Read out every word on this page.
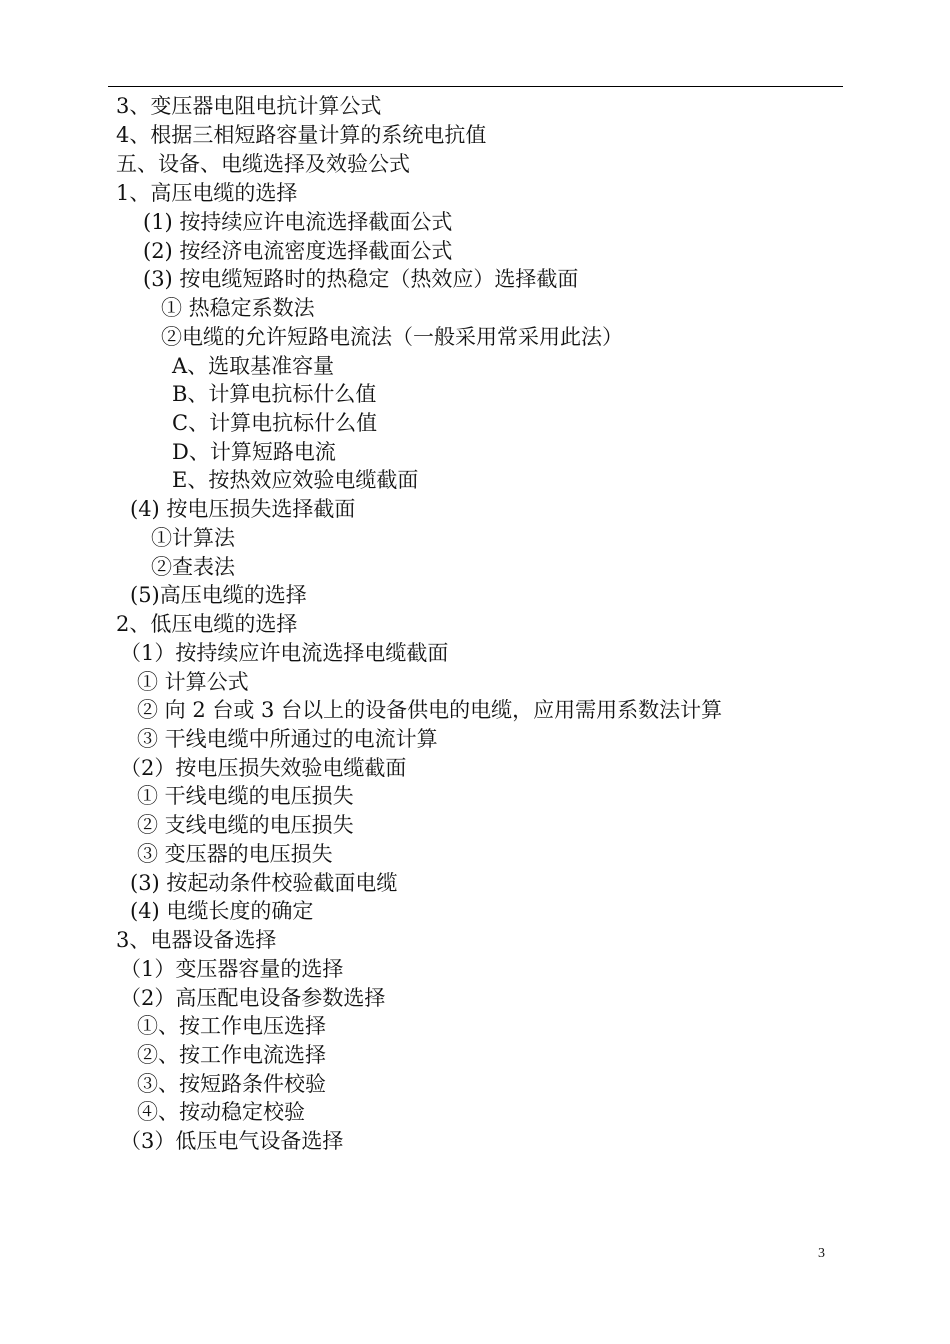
3、变压器电阻电抗计算公式
4、根据三相短路容量计算的系统电抗值
五、设备、电缆选择及效验公式
1、高压电缆的选择
(1) 按持续应许电流选择截面公式
(2) 按经济电流密度选择截面公式
(3) 按电缆短路时的热稳定（热效应）选择截面
① 热稳定系数法
②电缆的允许短路电流法（一般采用常采用此法）
A、选取基准容量
B、计算电抗标什么值
C、计算电抗标什么值
D、计算短路电流
E、按热效应效验电缆截面
(4) 按电压损失选择截面
①计算法
②查表法
(5)高压电缆的选择
2、低压电缆的选择
（1）按持续应许电流选择电缆截面
① 计算公式
② 向 2 台或 3 台以上的设备供电的电缆，应用需用系数法计算
③ 干线电缆中所通过的电流计算
（2）按电压损失效验电缆截面
① 干线电缆的电压损失
② 支线电缆的电压损失
③ 变压器的电压损失
(3) 按起动条件校验截面电缆
(4) 电缆长度的确定
3、电器设备选择
（1）变压器容量的选择
（2）高压配电设备参数选择
①、按工作电压选择
②、按工作电流选择
③、按短路条件校验
④、按动稳定校验
（3）低压电气设备选择
3
